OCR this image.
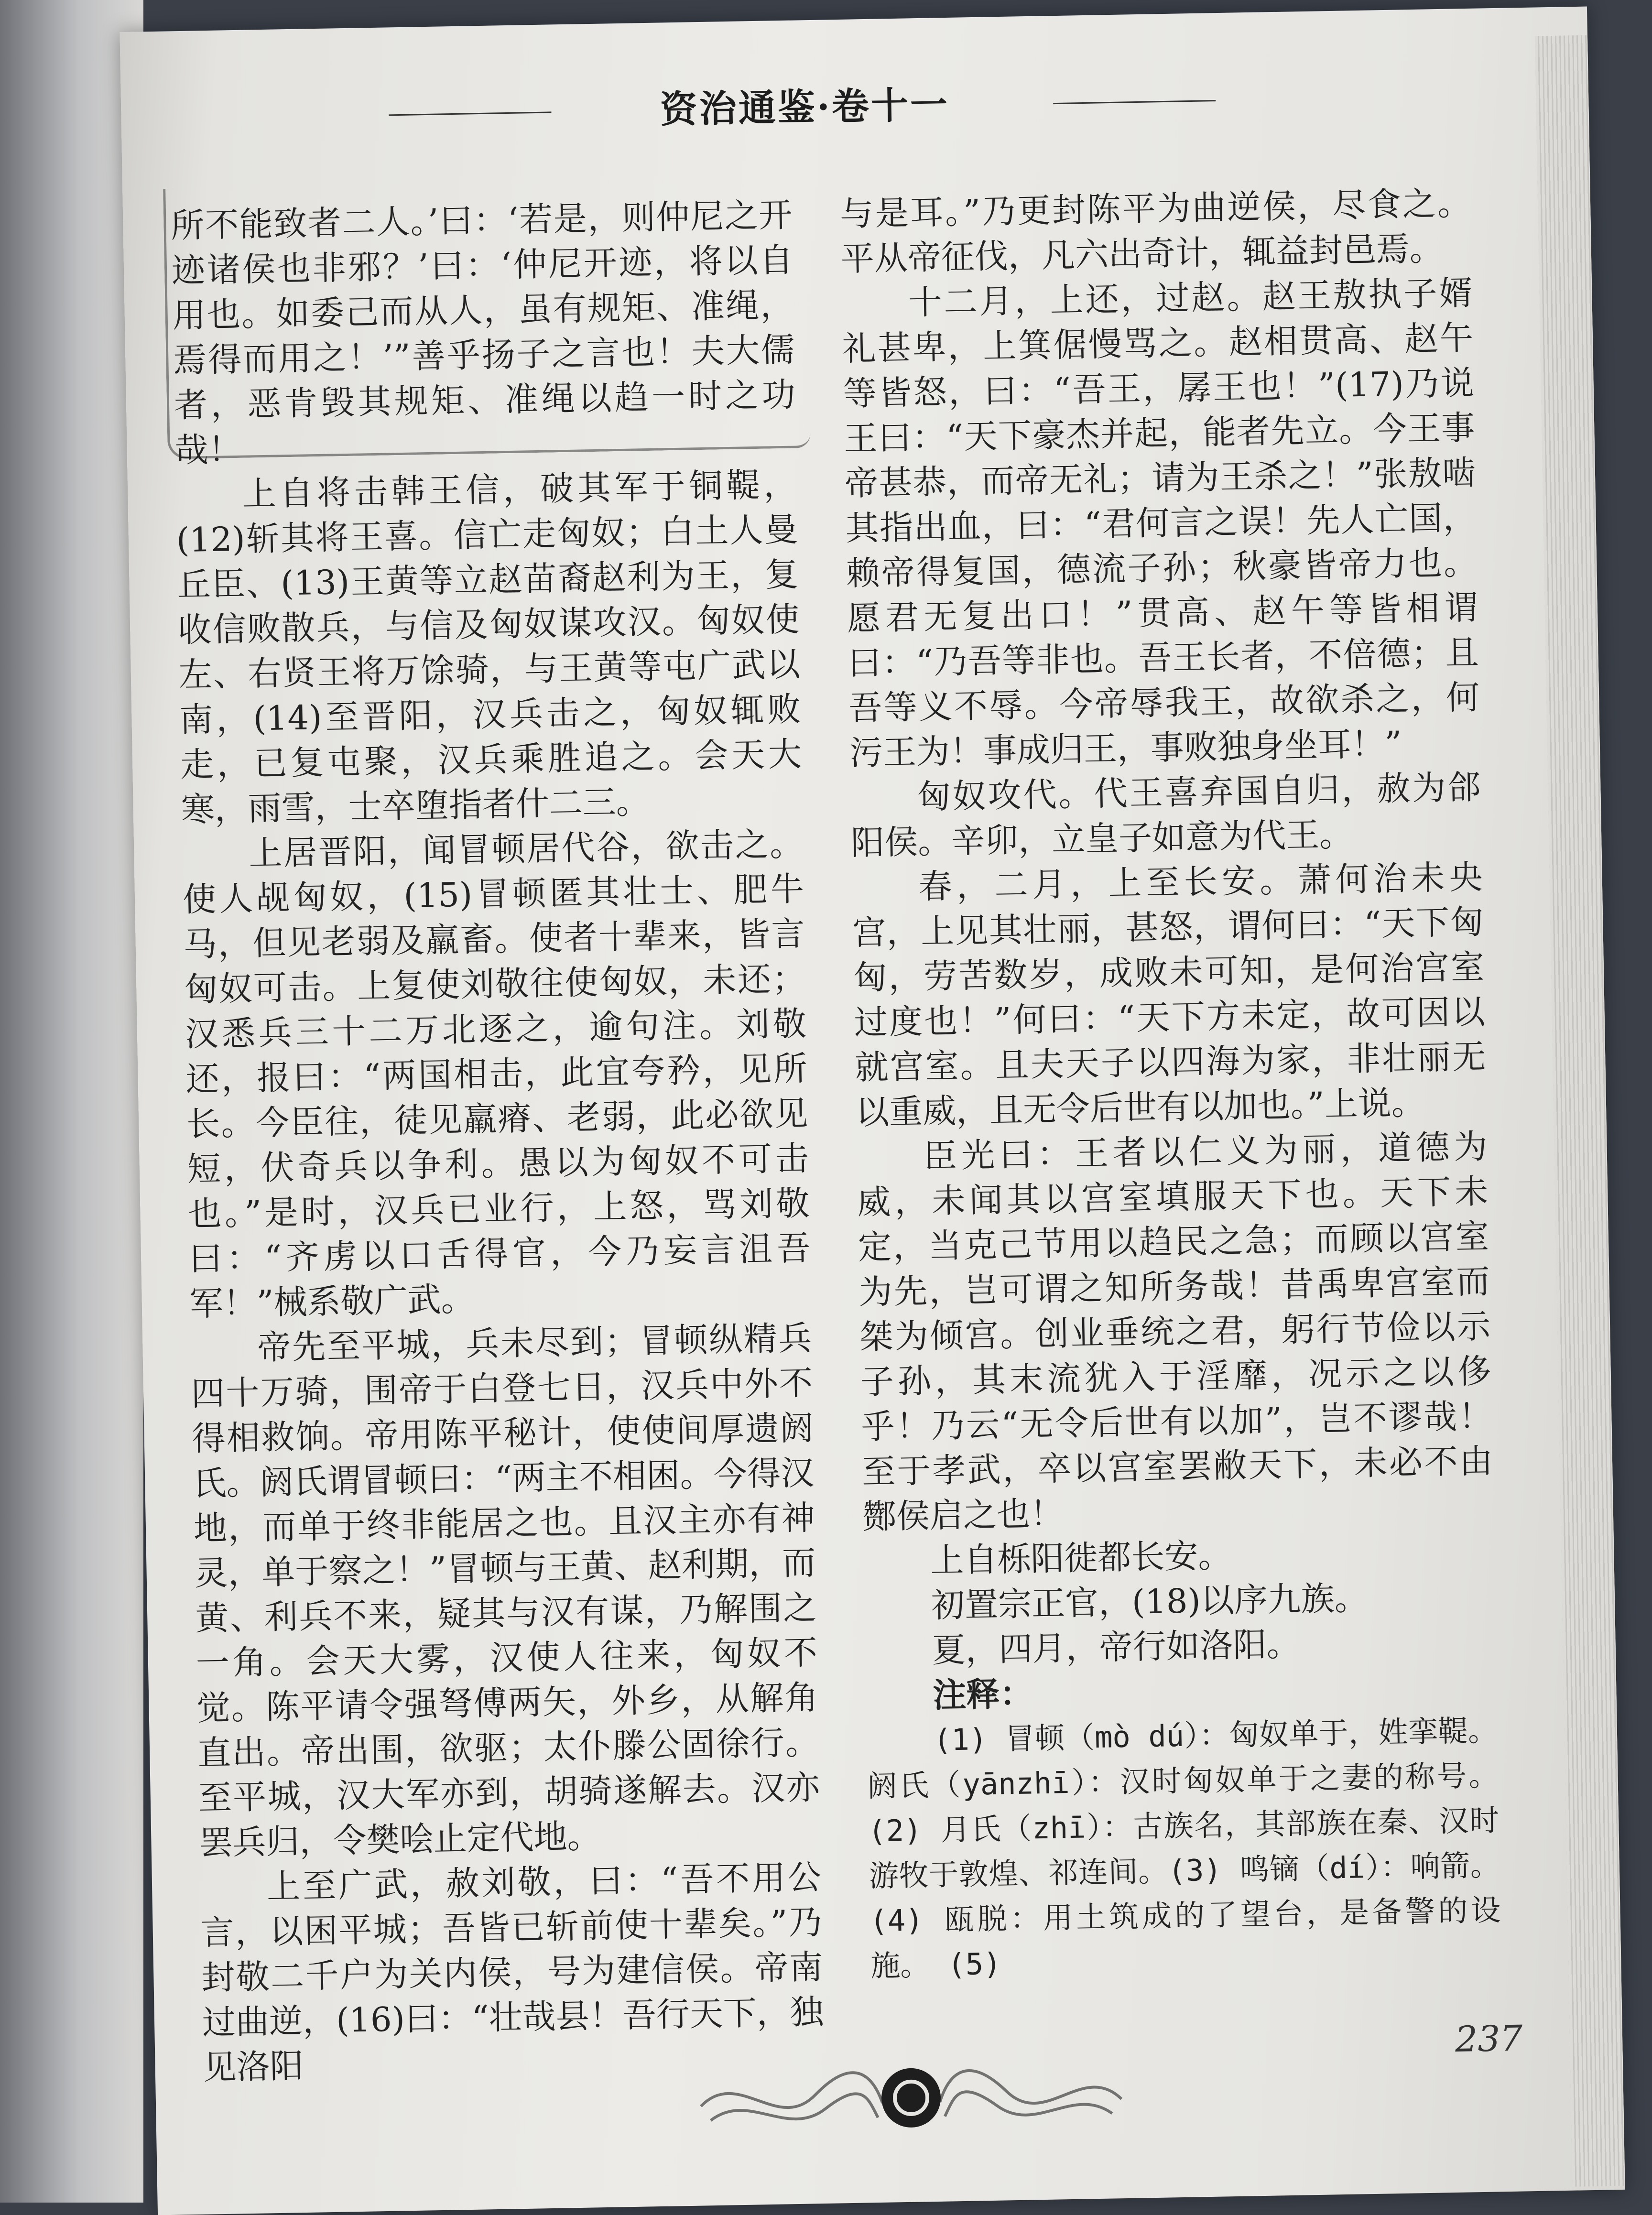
资治通鉴·卷十一

所不能致者二人。’曰：‘若是，则仲尼之开迹诸侯也非邪？’曰：‘仲尼开迹，将以自用也。如委己而从人，虽有规矩、准绳，焉得而用之！’”善乎扬子之言也！夫大儒者，恶肯毁其规矩、准绳以趋一时之功哉！

上自将击韩王信，破其军于铜鞮，(12)斩其将王喜。信亡走匈奴；白土人曼丘臣、(13)王黄等立赵苗裔赵利为王，复收信败散兵，与信及匈奴谋攻汉。匈奴使左、右贤王将万馀骑，与王黄等屯广武以南，(14)至晋阳，汉兵击之，匈奴辄败走，已复屯聚，汉兵乘胜追之。会天大寒，雨雪，士卒堕指者什二三。

上居晋阳，闻冒顿居代谷，欲击之。使人觇匈奴，(15)冒顿匿其壮士、肥牛马，但见老弱及羸畜。使者十辈来，皆言匈奴可击。上复使刘敬往使匈奴，未还；汉悉兵三十二万北逐之，逾句注。刘敬还，报曰：“两国相击，此宜夸矜，见所长。今臣往，徒见羸瘠、老弱，此必欲见短，伏奇兵以争利。愚以为匈奴不可击也。”是时，汉兵已业行，上怒，骂刘敬曰：“齐虏以口舌得官，今乃妄言沮吾军！”械系敬广武。

帝先至平城，兵未尽到；冒顿纵精兵四十万骑，围帝于白登七日，汉兵中外不得相救饷。帝用陈平秘计，使使间厚遗阏氏。阏氏谓冒顿曰：“两主不相困。今得汉地，而单于终非能居之也。且汉主亦有神灵，单于察之！”冒顿与王黄、赵利期，而黄、利兵不来，疑其与汉有谋，乃解围之一角。会天大雾，汉使人往来，匈奴不觉。陈平请令强弩傅两矢，外乡，从解角直出。帝出围，欲驱；太仆滕公固徐行。至平城，汉大军亦到，胡骑遂解去。汉亦罢兵归，令樊哙止定代地。

上至广武，赦刘敬，曰：“吾不用公言，以困平城；吾皆已斩前使十辈矣。”乃封敬二千户为关内侯，号为建信侯。帝南过曲逆，(16)曰：“壮哉县！吾行天下，独见洛阳

与是耳。”乃更封陈平为曲逆侯，尽食之。平从帝征伐，凡六出奇计，辄益封邑焉。

十二月，上还，过赵。赵王敖执子婿礼甚卑，上箕倨慢骂之。赵相贯高、赵午等皆怒，曰：“吾王，孱王也！”(17)乃说王曰：“天下豪杰并起，能者先立。今王事帝甚恭，而帝无礼；请为王杀之！”张敖啮其指出血，曰：“君何言之误！先人亡国，赖帝得复国，德流子孙；秋豪皆帝力也。愿君无复出口！”贯高、赵午等皆相谓曰：“乃吾等非也。吾王长者，不倍德；且吾等义不辱。今帝辱我王，故欲杀之，何污王为！事成归王，事败独身坐耳！”

匈奴攻代。代王喜弃国自归，赦为郃阳侯。辛卯，立皇子如意为代王。

春，二月，上至长安。萧何治未央宫，上见其壮丽，甚怒，谓何曰：“天下匈匈，劳苦数岁，成败未可知，是何治宫室过度也！”何曰：“天下方未定，故可因以就宫室。且夫天子以四海为家，非壮丽无以重威，且无令后世有以加也。”上说。

臣光曰：王者以仁义为丽，道德为威，未闻其以宫室填服天下也。天下未定，当克己节用以趋民之急；而顾以宫室为先，岂可谓之知所务哉！昔禹卑宫室而桀为倾宫。创业垂统之君，躬行节俭以示子孙，其末流犹入于淫靡，况示之以侈乎！乃云“无令后世有以加”，岂不谬哉！至于孝武，卒以宫室罢敝天下，未必不由酂侯启之也！

上自栎阳徙都长安。

初置宗正官，(18)以序九族。

夏，四月，帝行如洛阳。

注释：

(1) 冒顿（mò dú）：匈奴单于，姓挛鞮。阏氏（yānzhī）：汉时匈奴单于之妻的称号。 (2) 月氏（zhī）：古族名，其部族在秦、汉时游牧于敦煌、祁连间。(3) 鸣镝（dí）：响箭。 (4) 瓯脱：用土筑成的了望台，是备警的设施。 (5)

237
